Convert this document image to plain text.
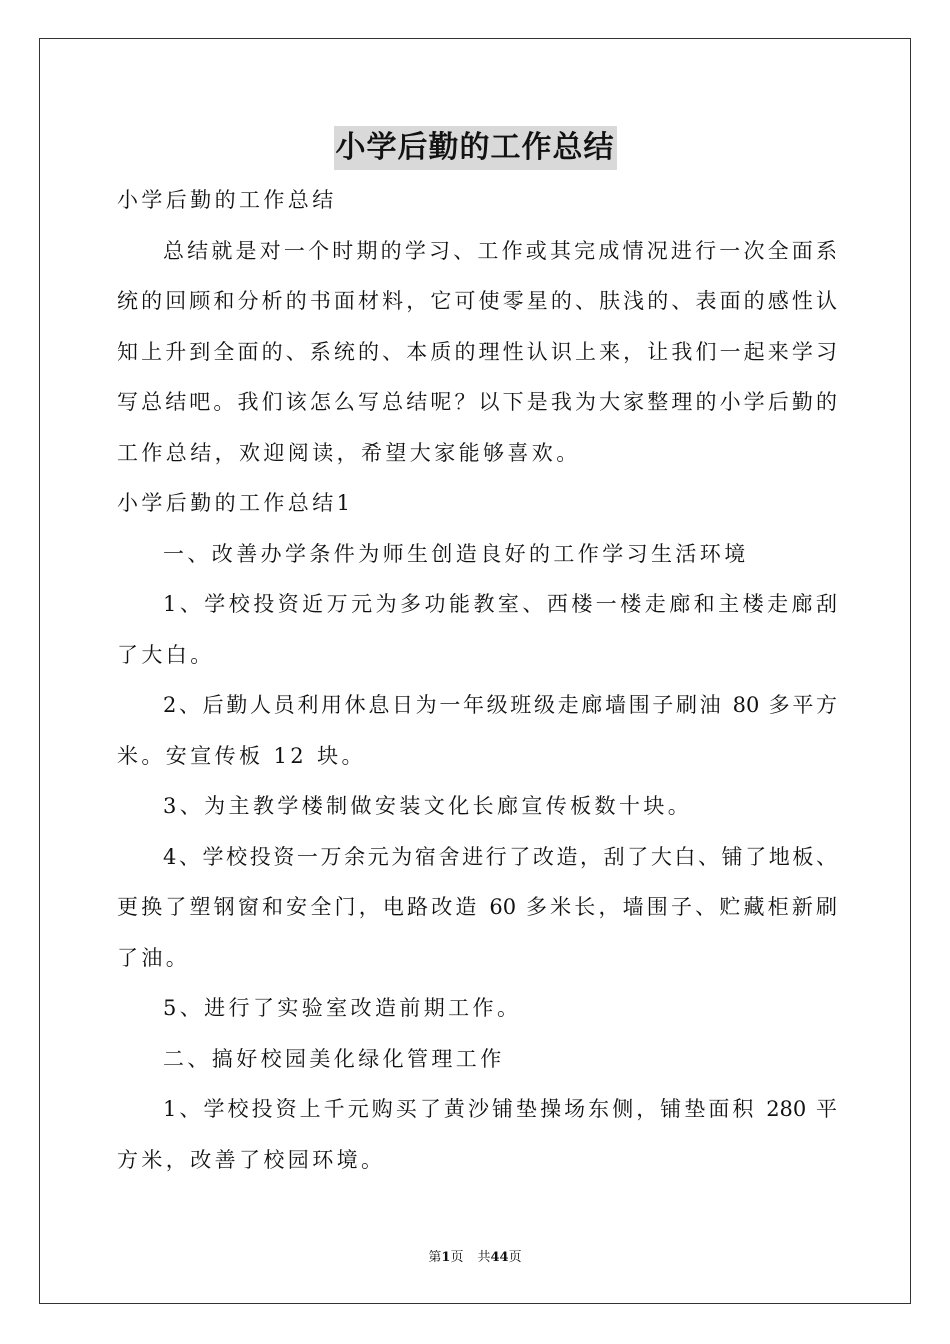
小学后勤的工作总结
小学后勤的工作总结
总结就是对一个时期的学习、工作或其完成情况进行一次全面系
统的回顾和分析的书面材料，它可使零星的、肤浅的、表面的感性认
知上升到全面的、系统的、本质的理性认识上来，让我们一起来学习
写总结吧。我们该怎么写总结呢？以下是我为大家整理的小学后勤的
工作总结，欢迎阅读，希望大家能够喜欢。
小学后勤的工作总结1
一、改善办学条件为师生创造良好的工作学习生活环境
1、学校投资近万元为多功能教室、西楼一楼走廊和主楼走廊刮
了大白。
2、后勤人员利用休息日为一年级班级走廊墙围子刷油 80 多平方
米。安宣传板 12 块。
3、为主教学楼制做安装文化长廊宣传板数十块。
4、学校投资一万余元为宿舍进行了改造，刮了大白、铺了地板、
更换了塑钢窗和安全门，电路改造 60 多米长，墙围子、贮藏柜新刷
了油。
5、进行了实验室改造前期工作。
二、搞好校园美化绿化管理工作
1、学校投资上千元购买了黄沙铺垫操场东侧，铺垫面积 280 平
方米，改善了校园环境。
第1页 共44页
